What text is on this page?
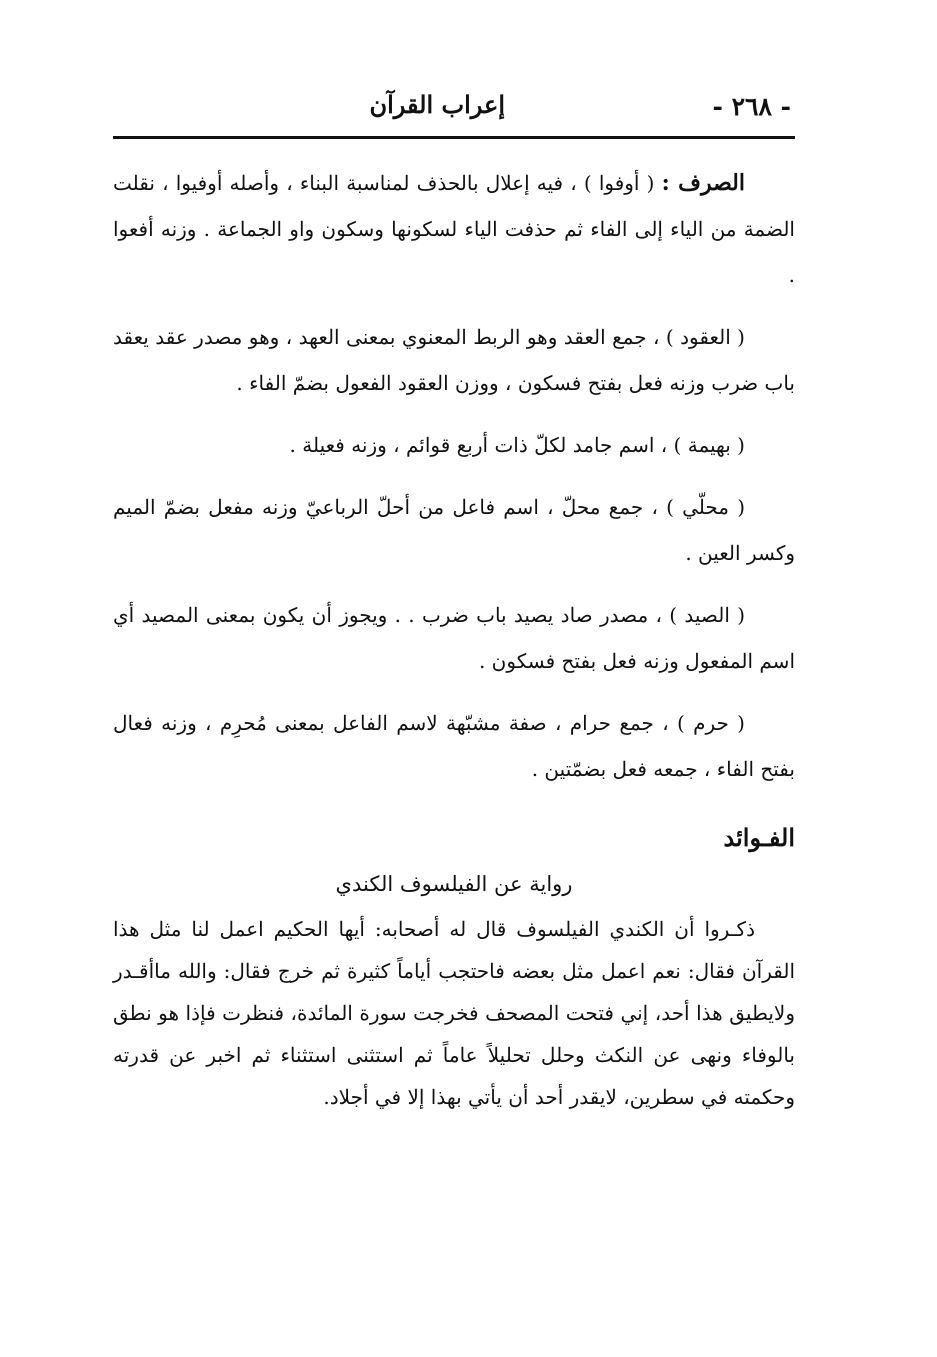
- ٢٦٨ -
إعراب القرآن

الصرف : ( أوفوا ) ، فيه إعلال بالحذف لمناسبة البناء ، وأصله أوفيوا ، نقلت الضمة من الياء إلى الفاء ثم حذفت الياء لسكونها وسكون واو الجماعة . وزنه أفعوا .

( العقود ) ، جمع العقد وهو الربط المعنوي بمعنى العهد ، وهو مصدر عقد يعقد باب ضرب وزنه فعل بفتح فسكون ، ووزن العقود الفعول بضمّ الفاء .

( بهيمة ) ، اسم جامد لكلّ ذات أربع قوائم ، وزنه فعيلة .

( محلّي ) ، جمع محلّ ، اسم فاعل من أحلّ الرباعيّ وزنه مفعل بضمّ الميم وكسر العين .

( الصيد ) ، مصدر صاد يصيد باب ضرب . . ويجوز أن يكون بمعنى المصيد أي اسم المفعول وزنه فعل بفتح فسكون .

( حرم ) ، جمع حرام ، صفة مشبّهة لاسم الفاعل بمعنى مُحرِم ، وزنه فعال بفتح الفاء ، جمعه فعل بضمّتين .

الفـوائد
رواية عن الفيلسوف الكندي

ذكـروا أن الكندي الفيلسوف قال له أصحابه: أيها الحكيم اعمل لنا مثل هذا القرآن فقال: نعم اعمل مثل بعضه فاحتجب أياماً كثيرة ثم خرج فقال: والله ماأقـدر ولايطيق هذا أحد، إني فتحت المصحف فخرجت سورة المائدة، فنظرت فإذا هو نطق بالوفاء ونهى عن النكث وحلل تحليلاً عاماً ثم استثنى استثناء ثم اخبر عن قدرته وحكمته في سطرين، لايقدر أحد أن يأتي بهذا إلا في أجلاد.
